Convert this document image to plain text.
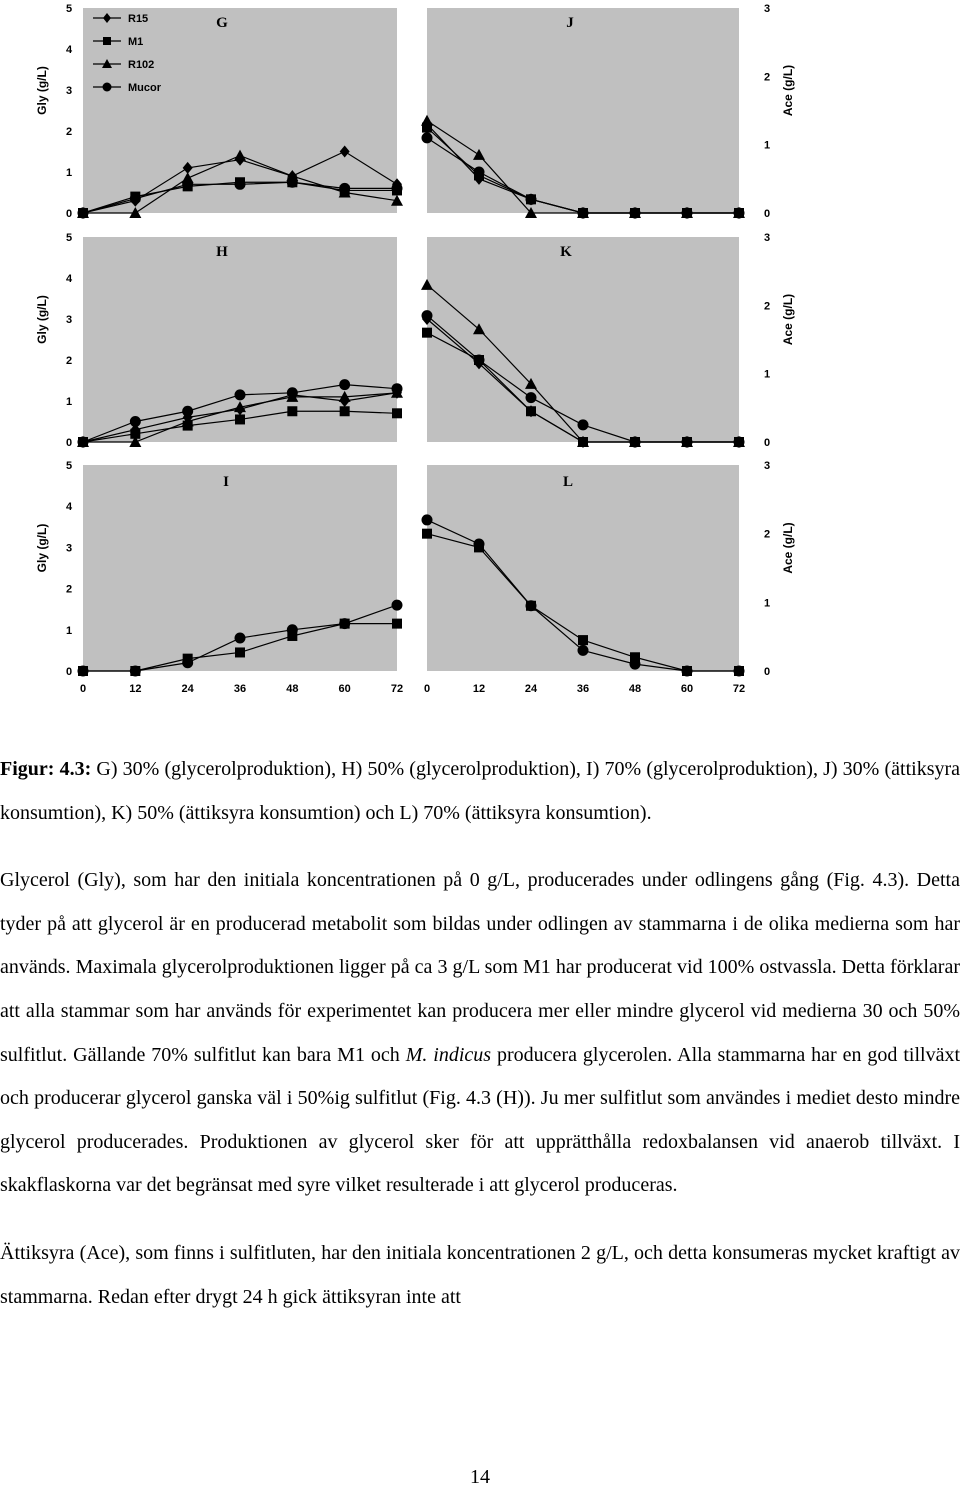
G
0
1
2
3
4
5
Gly (g/L)
J
0
1
2
3
Ace (g/L)
H
0
1
2
3
4
5
Gly (g/L)
K
0
1
2
3
Ace (g/L)
I
0
1
2
3
4
5
Gly (g/L)
0	12	24	36	48	60	72
L
0
1
2
3
Ace (g/L)
0	12	24	36	48	60	72
R15
M1
R102
Mucor

Figur: 4.3: G) 30% (glycerolproduktion), H) 50% (glycerolproduktion), I) 70% (glycerolproduktion), J) 30% (ättiksyra konsumtion), K) 50% (ättiksyra konsumtion) och L) 70% (ättiksyra konsumtion).

Glycerol (Gly), som har den initiala koncentrationen på 0 g/L, producerades under odlingens gång (Fig. 4.3). Detta tyder på att glycerol är en producerad metabolit som bildas under odlingen av stammarna i de olika medierna som har används. Maximala glycerolproduktionen ligger på ca 3 g/L som M1 har producerat vid 100% ostvassla. Detta förklarar att alla stammar som har används för experimentet kan producera mer eller mindre glycerol vid medierna 30 och 50% sulfitlut. Gällande 70% sulfitlut kan bara M1 och M. indicus producera glycerolen. Alla stammarna har en god tillväxt och producerar glycerol ganska väl i 50%ig sulfitlut (Fig. 4.3 (H)). Ju mer sulfitlut som användes i mediet desto mindre glycerol producerades. Produktionen av glycerol sker för att upprätthålla redoxbalansen vid anaerob tillväxt. I skakflaskorna var det begränsat med syre vilket resulterade i att glycerol produceras.

Ättiksyra (Ace), som finns i sulfitluten, har den initiala koncentrationen 2 g/L, och detta konsumeras mycket kraftigt av stammarna. Redan efter drygt 24 h gick ättiksyran inte att

14
